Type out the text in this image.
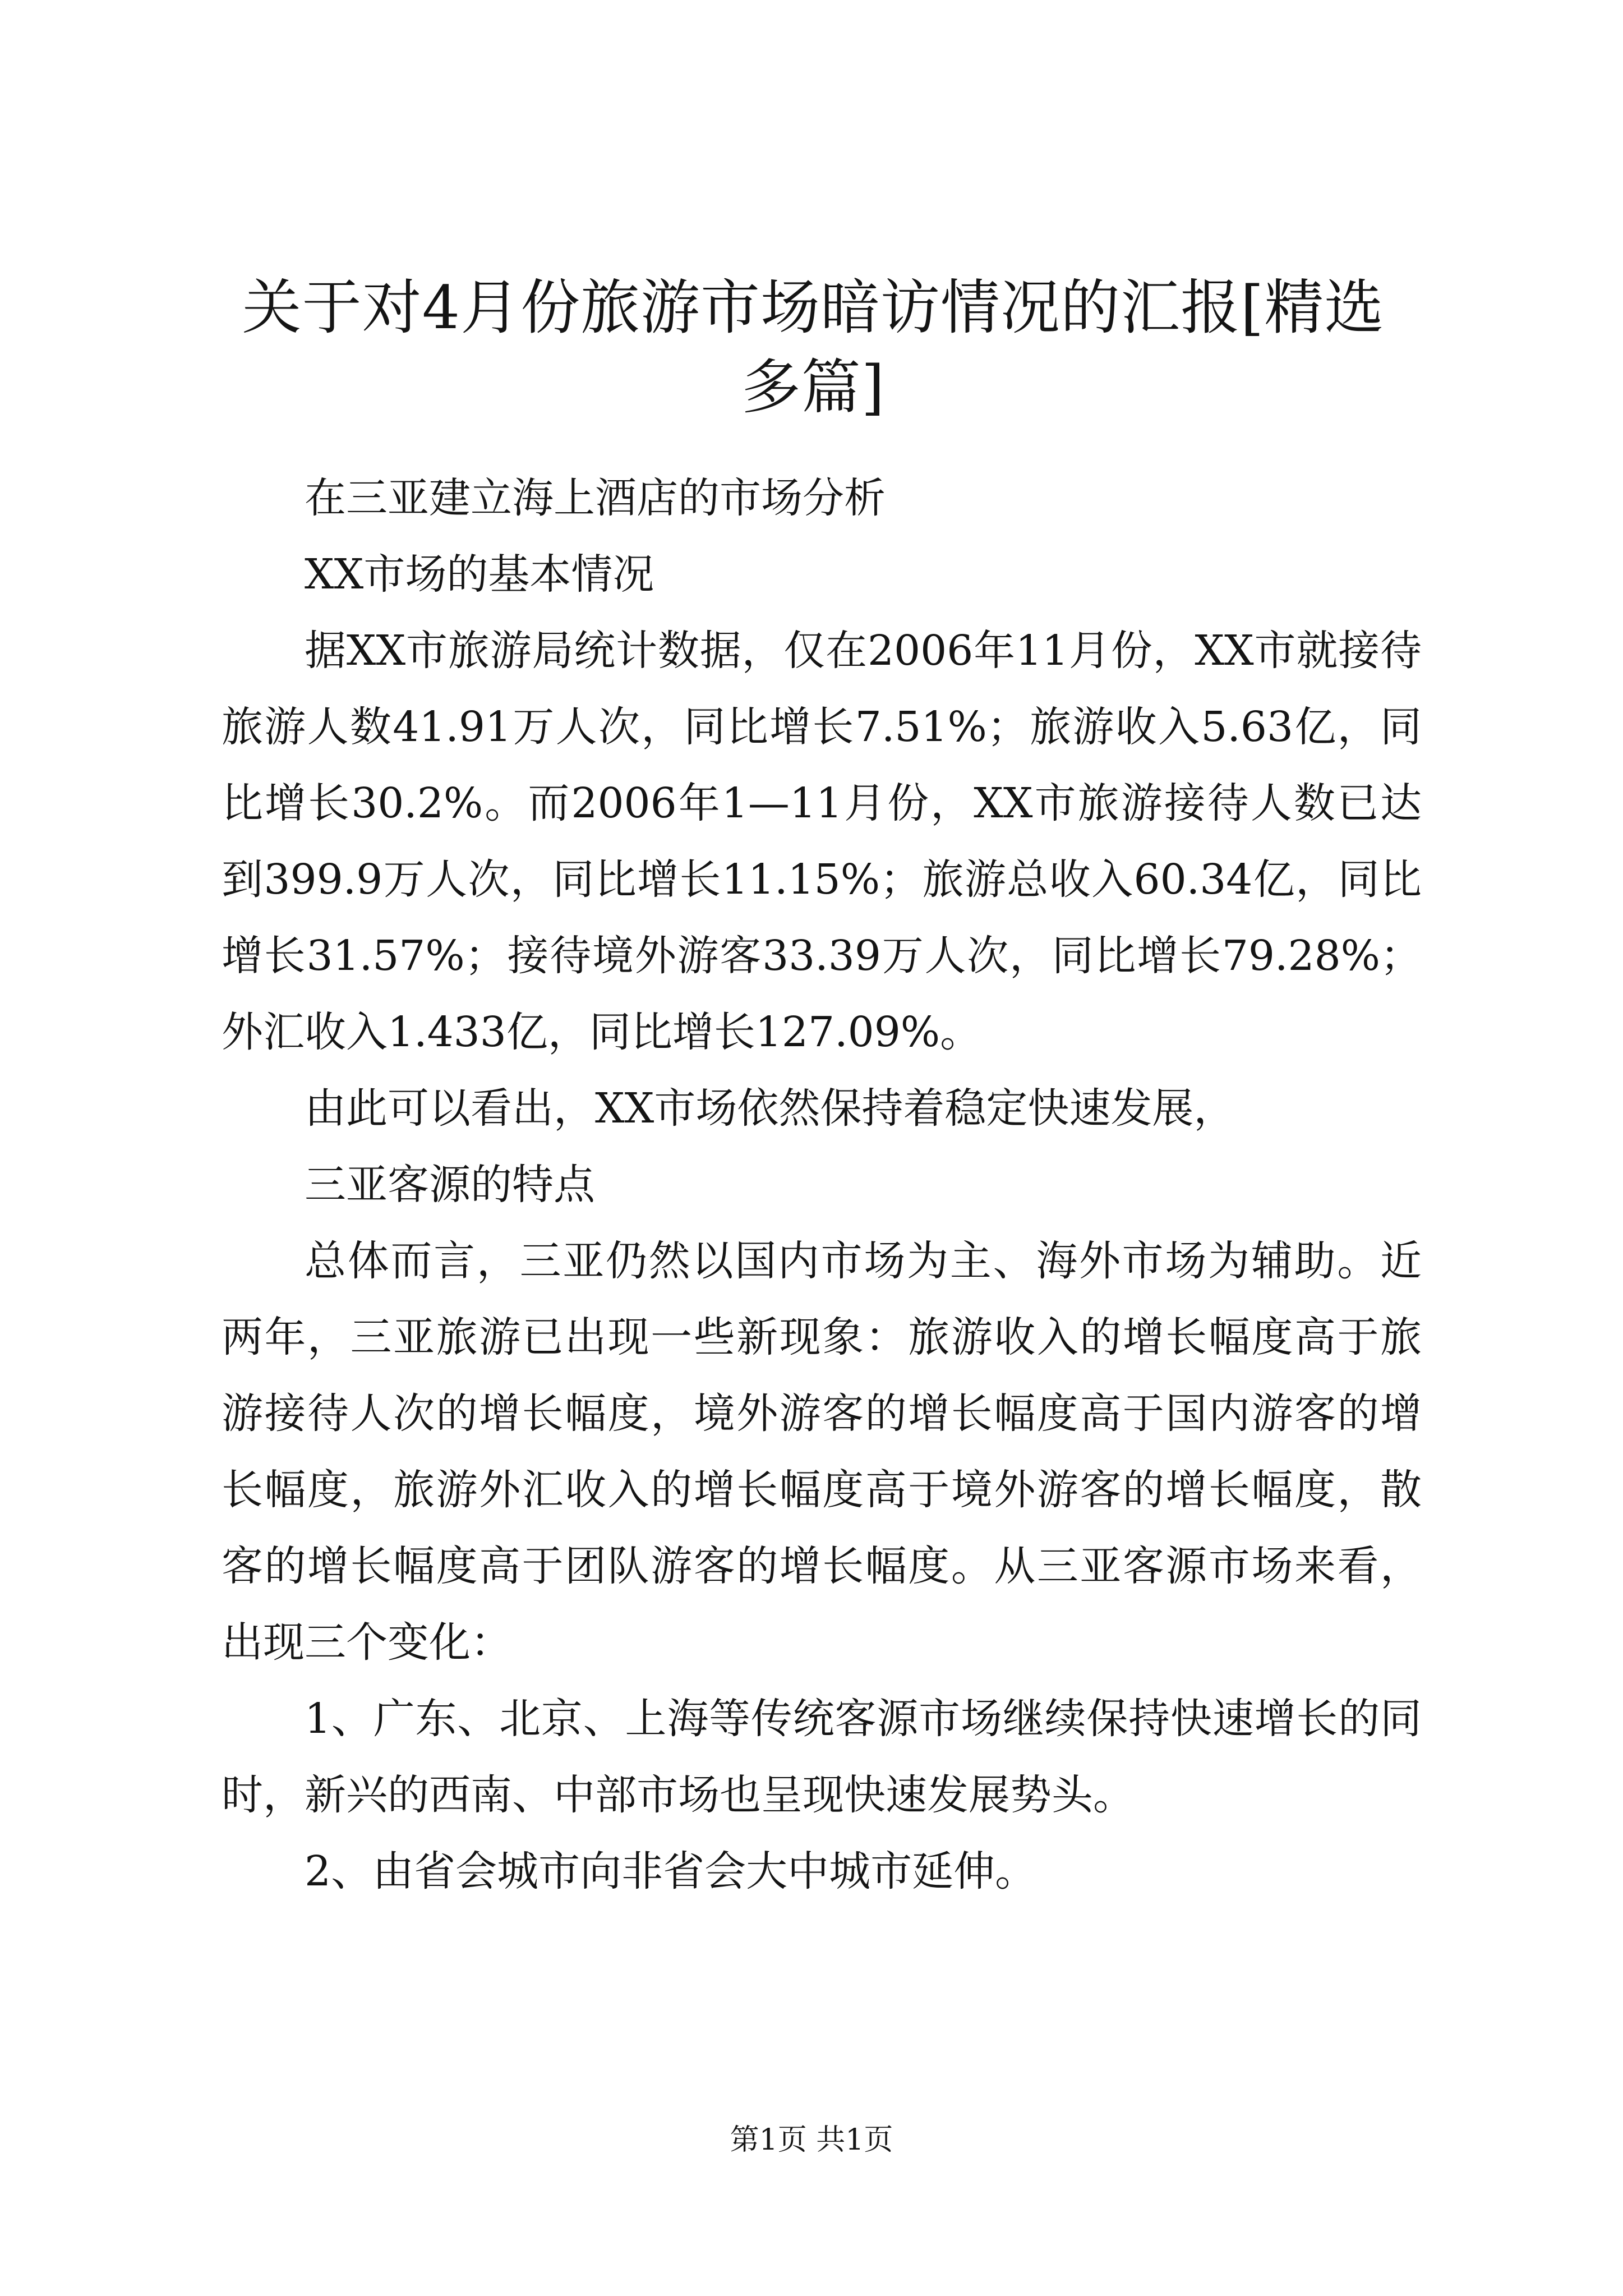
关于对4月份旅游市场暗访情况的汇报[精选多篇]

在三亚建立海上酒店的市场分析

XX市场的基本情况

据XX市旅游局统计数据，仅在2006年11月份，XX市就接待旅游人数41.91万人次，同比增长7.51%；旅游收入5.63亿，同比增长30.2%。而2006年1—11月份，XX市旅游接待人数已达到399.9万人次，同比增长11.15%；旅游总收入60.34亿，同比增长31.57%；接待境外游客33.39万人次，同比增长79.28%；外汇收入1.433亿，同比增长127.09%。

由此可以看出，XX市场依然保持着稳定快速发展，

三亚客源的特点

总体而言，三亚仍然以国内市场为主、海外市场为辅助。近两年，三亚旅游已出现一些新现象：旅游收入的增长幅度高于旅游接待人次的增长幅度，境外游客的增长幅度高于国内游客的增长幅度，旅游外汇收入的增长幅度高于境外游客的增长幅度，散客的增长幅度高于团队游客的增长幅度。从三亚客源市场来看，出现三个变化：

1、广东、北京、上海等传统客源市场继续保持快速增长的同时，新兴的西南、中部市场也呈现快速发展势头。

2、由省会城市向非省会大中城市延伸。

第1页 共1页
